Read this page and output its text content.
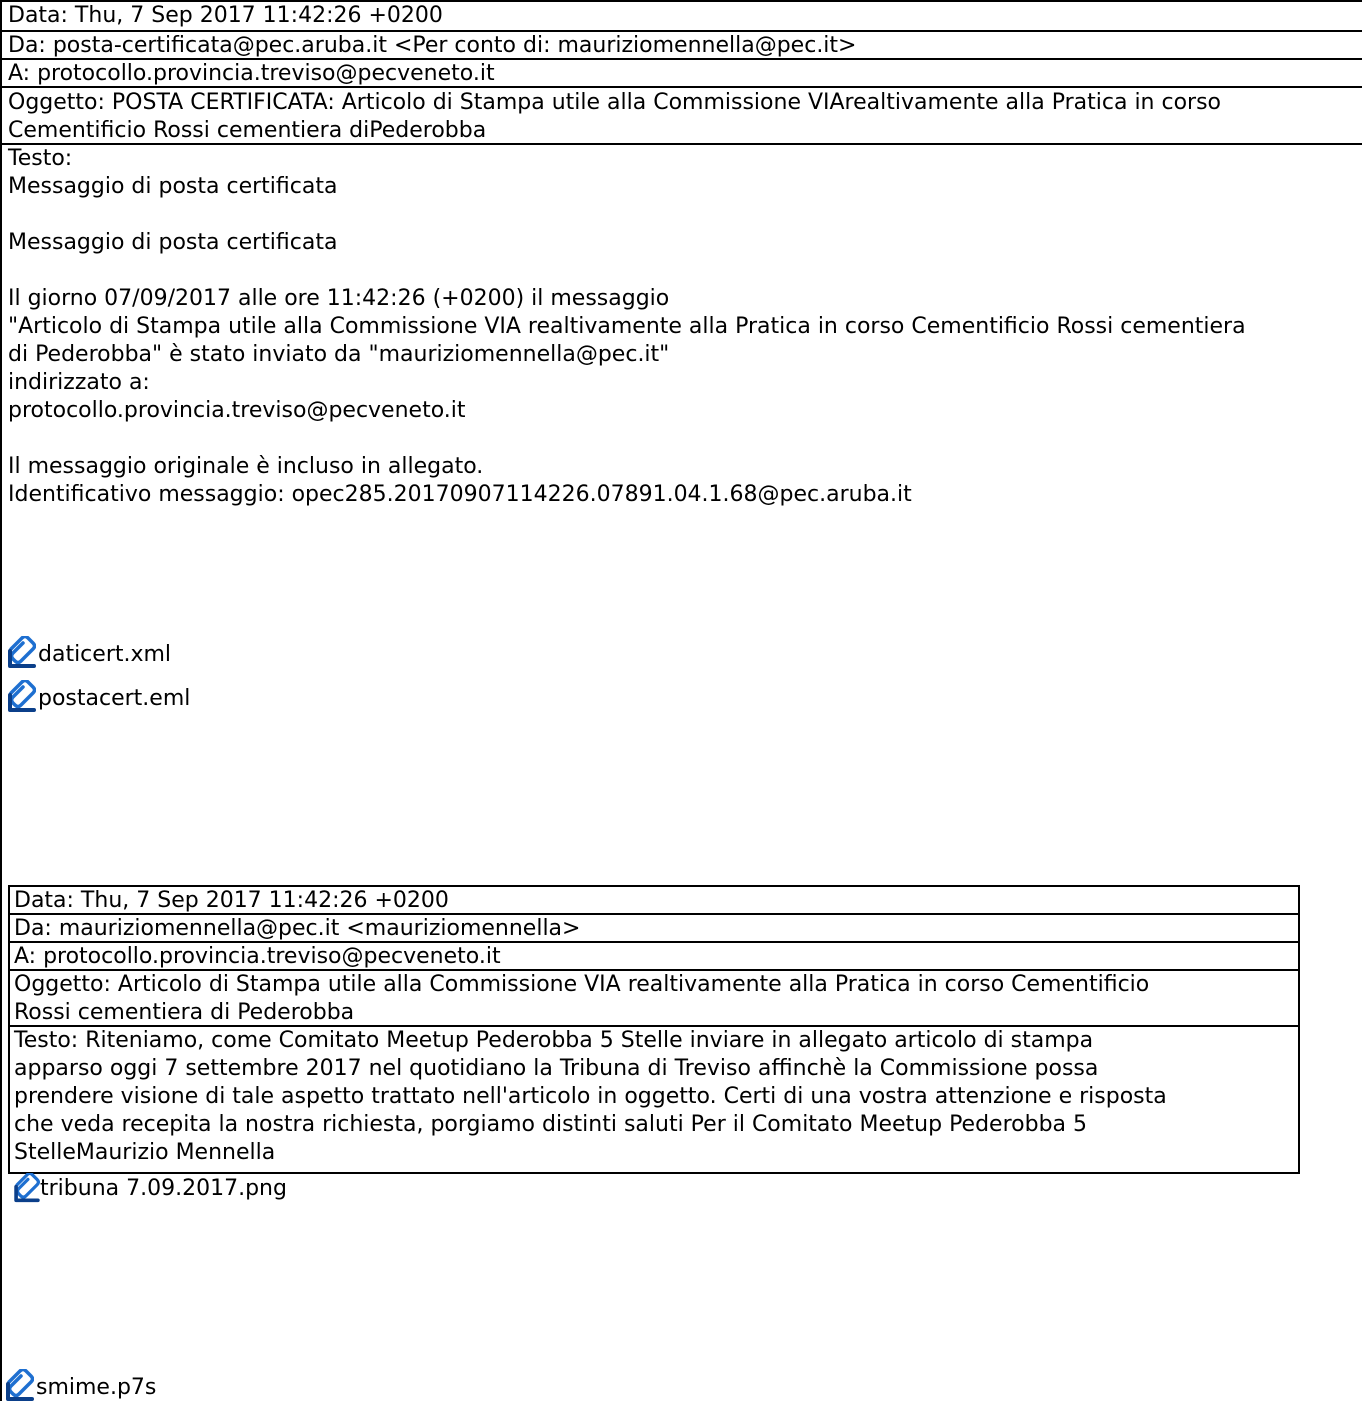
Data: Thu, 7 Sep 2017 11:42:26 +0200
Da: posta-certificata@pec.aruba.it <Per conto di: mauriziomennella@pec.it>
A: protocollo.provincia.treviso@pecveneto.it
Oggetto: POSTA CERTIFICATA: Articolo di Stampa utile alla Commissione VIArealtivamente alla Pratica in corso
Cementificio Rossi cementiera diPederobba
Testo:
Messaggio di posta certificata
Messaggio di posta certificata
Il giorno 07/09/2017 alle ore 11:42:26 (+0200) il messaggio
"Articolo di Stampa utile alla Commissione VIA realtivamente alla Pratica in corso Cementificio Rossi cementiera
di Pederobba" è stato inviato da "mauriziomennella@pec.it"
indirizzato a:
protocollo.provincia.treviso@pecveneto.it
Il messaggio originale è incluso in allegato.
Identificativo messaggio: opec285.20170907114226.07891.04.1.68@pec.aruba.it
daticert.xml
postacert.eml
Data: Thu, 7 Sep 2017 11:42:26 +0200
Da: mauriziomennella@pec.it <mauriziomennella>
A: protocollo.provincia.treviso@pecveneto.it
Oggetto: Articolo di Stampa utile alla Commissione VIA realtivamente alla Pratica in corso Cementificio
Rossi cementiera di Pederobba
Testo: Riteniamo, come Comitato Meetup Pederobba 5 Stelle inviare in allegato articolo di stampa
apparso oggi 7 settembre 2017 nel quotidiano la Tribuna di Treviso affinchè la Commissione possa
prendere visione di tale aspetto trattato nell'articolo in oggetto. Certi di una vostra attenzione e risposta
che veda recepita la nostra richiesta, porgiamo distinti saluti Per il Comitato Meetup Pederobba 5
StelleMaurizio Mennella
tribuna 7.09.2017.png
smime.p7s
